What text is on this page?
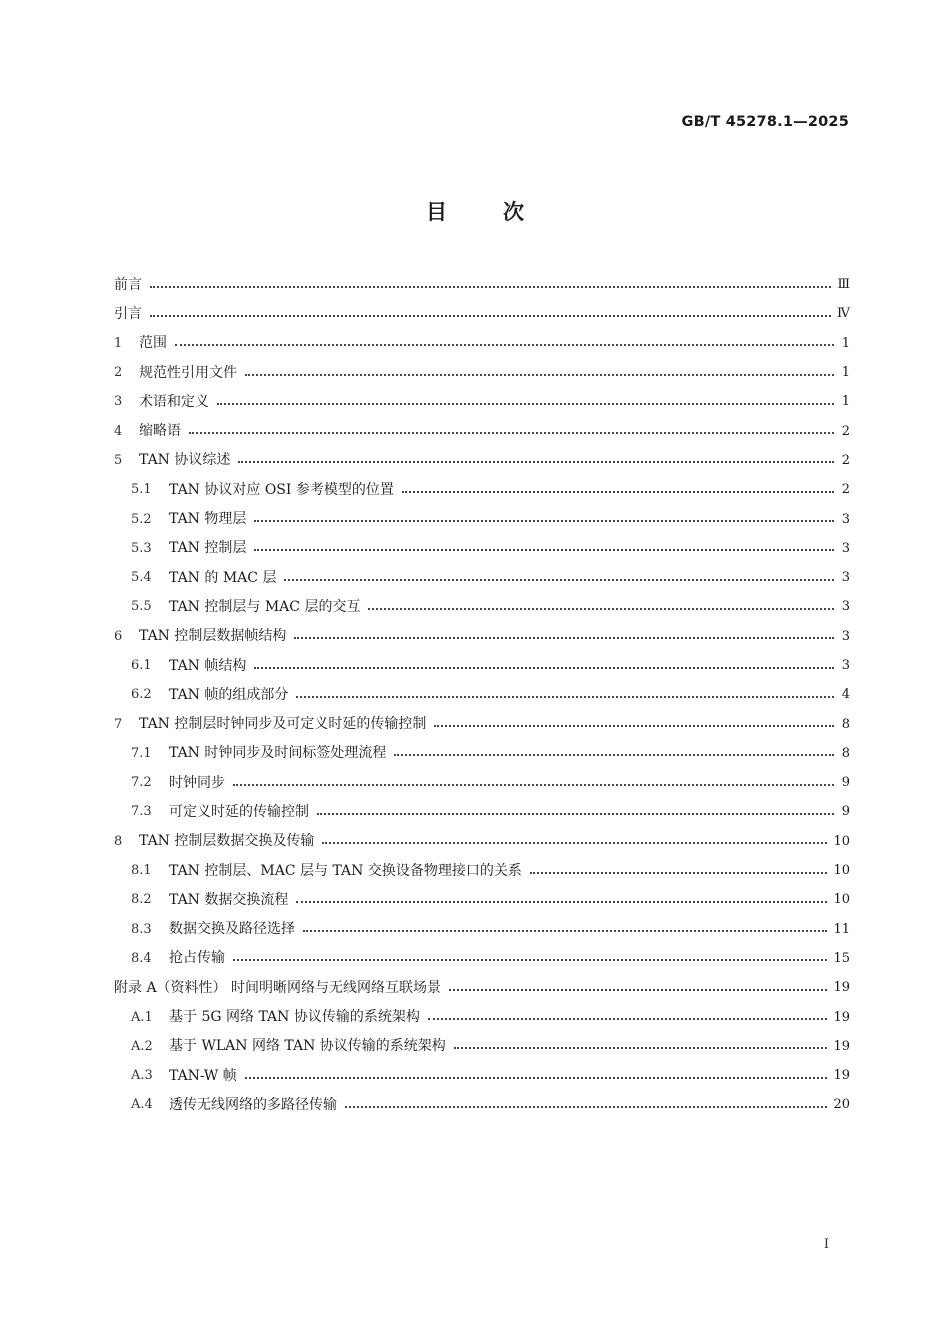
GB/T 45278.1—2025
目	次
前言	Ⅲ
引言	Ⅳ
1 范围	1
2 规范性引用文件	1
3 术语和定义	1
4 缩略语	2
5 TAN 协议综述	2
5.1	TAN 协议对应 OSI 参考模型的位置	2
5.2	TAN 物理层	3
5.3	TAN 控制层	3
5.4	TAN 的 MAC 层	3
5.5	TAN 控制层与 MAC 层的交互	3
6 TAN 控制层数据帧结构	3
6.1	TAN 帧结构	3
6.2	TAN 帧的组成部分	4
7 TAN 控制层时钟同步及可定义时延的传输控制	8
7.1	TAN 时钟同步及时间标签处理流程	8
7.2	时钟同步	9
7.3	可定义时延的传输控制	9
8 TAN 控制层数据交换及传输	10
8.1	TAN 控制层、MAC 层与 TAN 交换设备物理接口的关系	10
8.2	TAN 数据交换流程	10
8.3	数据交换及路径选择	11
8.4	抢占传输	15
附录 A（资料性） 时间明晰网络与无线网络互联场景	19
A.1 基于 5G 网络 TAN 协议传输的系统架构	19
A.2 基于 WLAN 网络 TAN 协议传输的系统架构	19
A.3 TAN-W 帧	19
A.4 透传无线网络的多路径传输	20
Ⅰ
